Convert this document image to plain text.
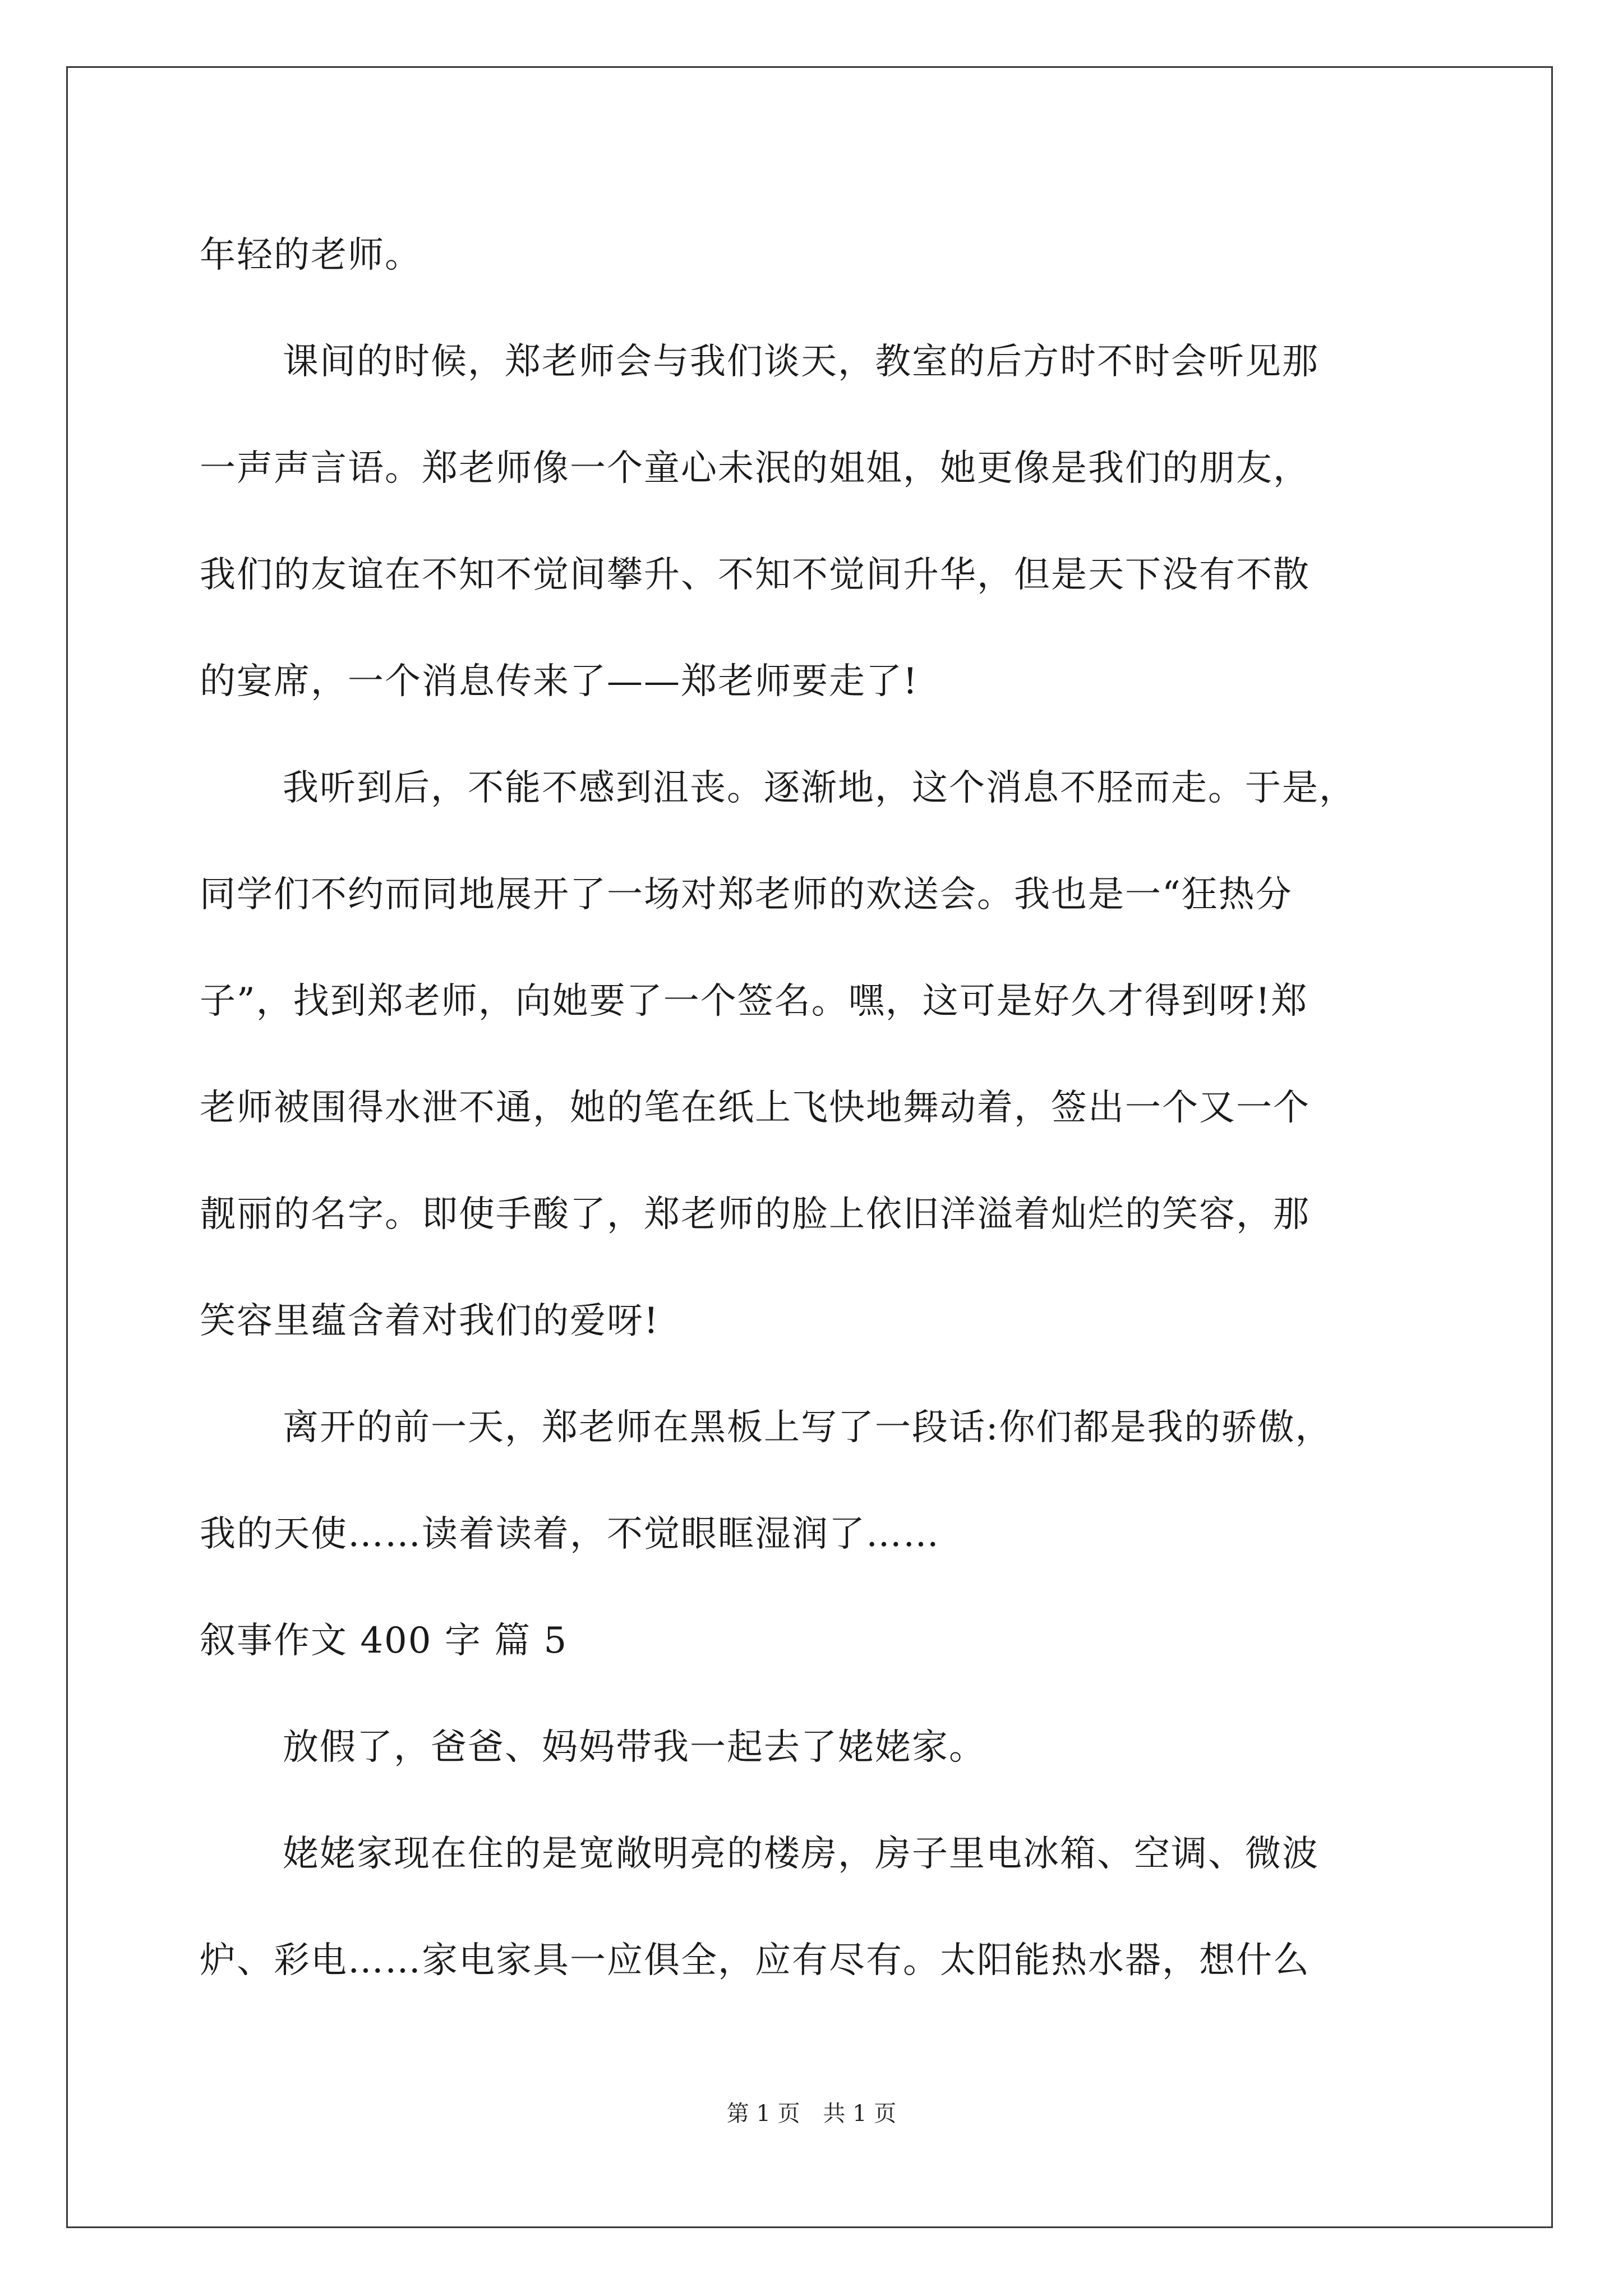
年轻的老师。
课间的时候，郑老师会与我们谈天，教室的后方时不时会听见那
一声声言语。郑老师像一个童心未泯的姐姐，她更像是我们的朋友，
我们的友谊在不知不觉间攀升、不知不觉间升华，但是天下没有不散
的宴席，一个消息传来了——郑老师要走了!
我听到后，不能不感到沮丧。逐渐地，这个消息不胫而走。于是，
同学们不约而同地展开了一场对郑老师的欢送会。我也是一“狂热分
子”，找到郑老师，向她要了一个签名。嘿，这可是好久才得到呀!郑
老师被围得水泄不通，她的笔在纸上飞快地舞动着，签出一个又一个
靓丽的名字。即使手酸了，郑老师的脸上依旧洋溢着灿烂的笑容，那
笑容里蕴含着对我们的爱呀!
离开的前一天，郑老师在黑板上写了一段话:你们都是我的骄傲，
我的天使……读着读着，不觉眼眶湿润了……
叙事作文 400 字 篇 5
放假了，爸爸、妈妈带我一起去了姥姥家。
姥姥家现在住的是宽敞明亮的楼房，房子里电冰箱、空调、微波
炉、彩电……家电家具一应俱全，应有尽有。太阳能热水器，想什么
第 1 页 共 1 页
